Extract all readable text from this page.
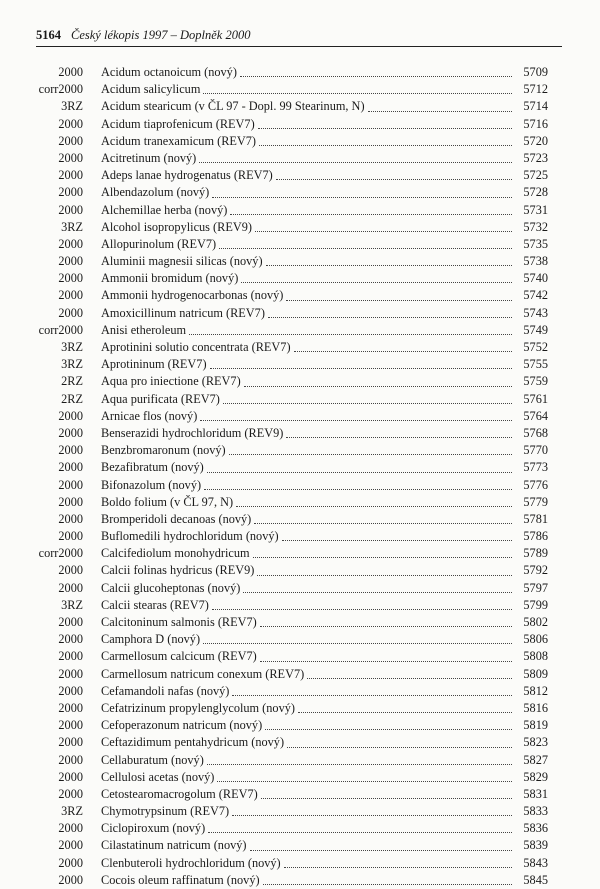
5164 Český lékopis 1997 – Doplněk 2000
2000 Acidum octanoicum (nový)	5709
corr2000 Acidum salicylicum	5712
3RZ Acidum stearicum (v ČL 97 - Dopl. 99 Stearinum, N)	5714
2000 Acidum tiaprofenicum (REV7)	5716
2000 Acidum tranexamicum (REV7)	5720
2000 Acitretinum (nový)	5723
2000 Adeps lanae hydrogenatus (REV7)	5725
2000 Albendazolum (nový)	5728
2000 Alchemillae herba (nový)	5731
3RZ Alcohol isopropylicus (REV9)	5732
2000 Allopurinolum (REV7)	5735
2000 Aluminii magnesii silicas (nový)	5738
2000 Ammonii bromidum (nový)	5740
2000 Ammonii hydrogenocarbonas (nový)	5742
2000 Amoxicillinum natricum (REV7)	5743
corr2000 Anisi etheroleum	5749
3RZ Aprotinini solutio concentrata (REV7)	5752
3RZ Aprotininum (REV7)	5755
2RZ Aqua pro iniectione (REV7)	5759
2RZ Aqua purificata (REV7)	5761
2000 Arnicae flos (nový)	5764
2000 Benserazidi hydrochloridum (REV9)	5768
2000 Benzbromaronum (nový)	5770
2000 Bezafibratum (nový)	5773
2000 Bifonazolum (nový)	5776
2000 Boldo folium (v ČL 97, N)	5779
2000 Bromperidoli decanoas (nový)	5781
2000 Buflomedili hydrochloridum (nový)	5786
corr2000 Calcifediolum monohydricum	5789
2000 Calcii folinas hydricus (REV9)	5792
2000 Calcii glucoheptonas (nový)	5797
3RZ Calcii stearas (REV7)	5799
2000 Calcitoninum salmonis (REV7)	5802
2000 Camphora D (nový)	5806
2000 Carmellosum calcicum (REV7)	5808
2000 Carmellosum natricum conexum (REV7)	5809
2000 Cefamandoli nafas (nový)	5812
2000 Cefatrizinum propylenglycolum (nový)	5816
2000 Cefoperazonum natricum (nový)	5819
2000 Ceftazidimum pentahydricum (nový)	5823
2000 Cellaburatum (nový)	5827
2000 Cellulosi acetas (nový)	5829
2000 Cetostearomacrogolum (REV7)	5831
3RZ Chymotrypsinum (REV7)	5833
2000 Ciclopiroxum (nový)	5836
2000 Cilastatinum natricum (nový)	5839
2000 Clenbuteroli hydrochloridum (nový)	5843
2000 Cocois oleum raffinatum (nový)	5845
